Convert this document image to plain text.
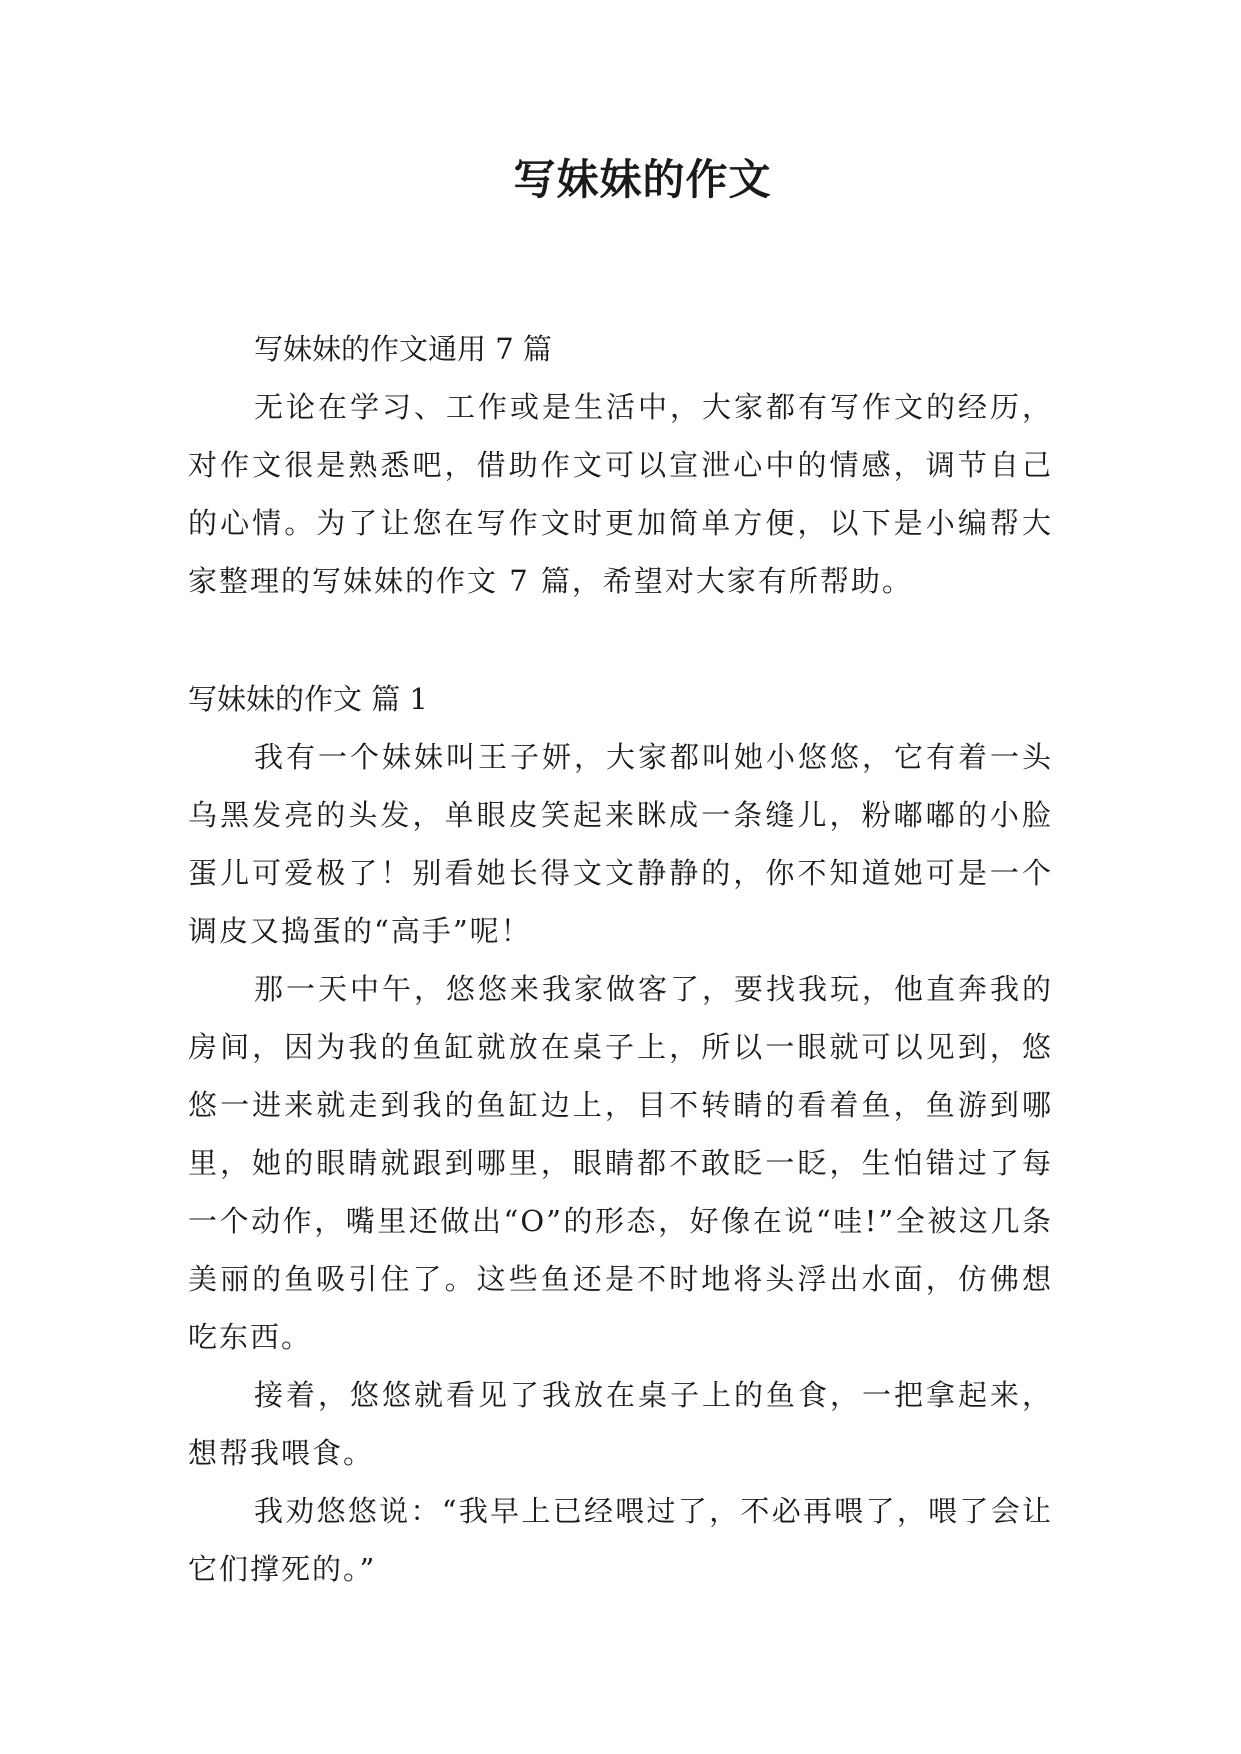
写妹妹的作文

写妹妹的作文通用 7 篇

无论在学习、工作或是生活中，大家都有写作文的经历，对作文很是熟悉吧，借助作文可以宣泄心中的情感，调节自己的心情。为了让您在写作文时更加简单方便，以下是小编帮大家整理的写妹妹的作文 7 篇，希望对大家有所帮助。

写妹妹的作文 篇 1

我有一个妹妹叫王子妍，大家都叫她小悠悠，它有着一头乌黑发亮的头发，单眼皮笑起来眯成一条缝儿，粉嘟嘟的小脸蛋儿可爱极了！别看她长得文文静静的，你不知道她可是一个调皮又捣蛋的“高手”呢！

那一天中午，悠悠来我家做客了，要找我玩，他直奔我的房间，因为我的鱼缸就放在桌子上，所以一眼就可以见到，悠悠一进来就走到我的鱼缸边上，目不转睛的看着鱼，鱼游到哪里，她的眼睛就跟到哪里，眼睛都不敢眨一眨，生怕错过了每一个动作，嘴里还做出“O”的形态，好像在说“哇!”全被这几条美丽的鱼吸引住了。这些鱼还是不时地将头浮出水面，仿佛想吃东西。

接着，悠悠就看见了我放在桌子上的鱼食，一把拿起来，想帮我喂食。

我劝悠悠说：“我早上已经喂过了，不必再喂了，喂了会让它们撑死的。”
